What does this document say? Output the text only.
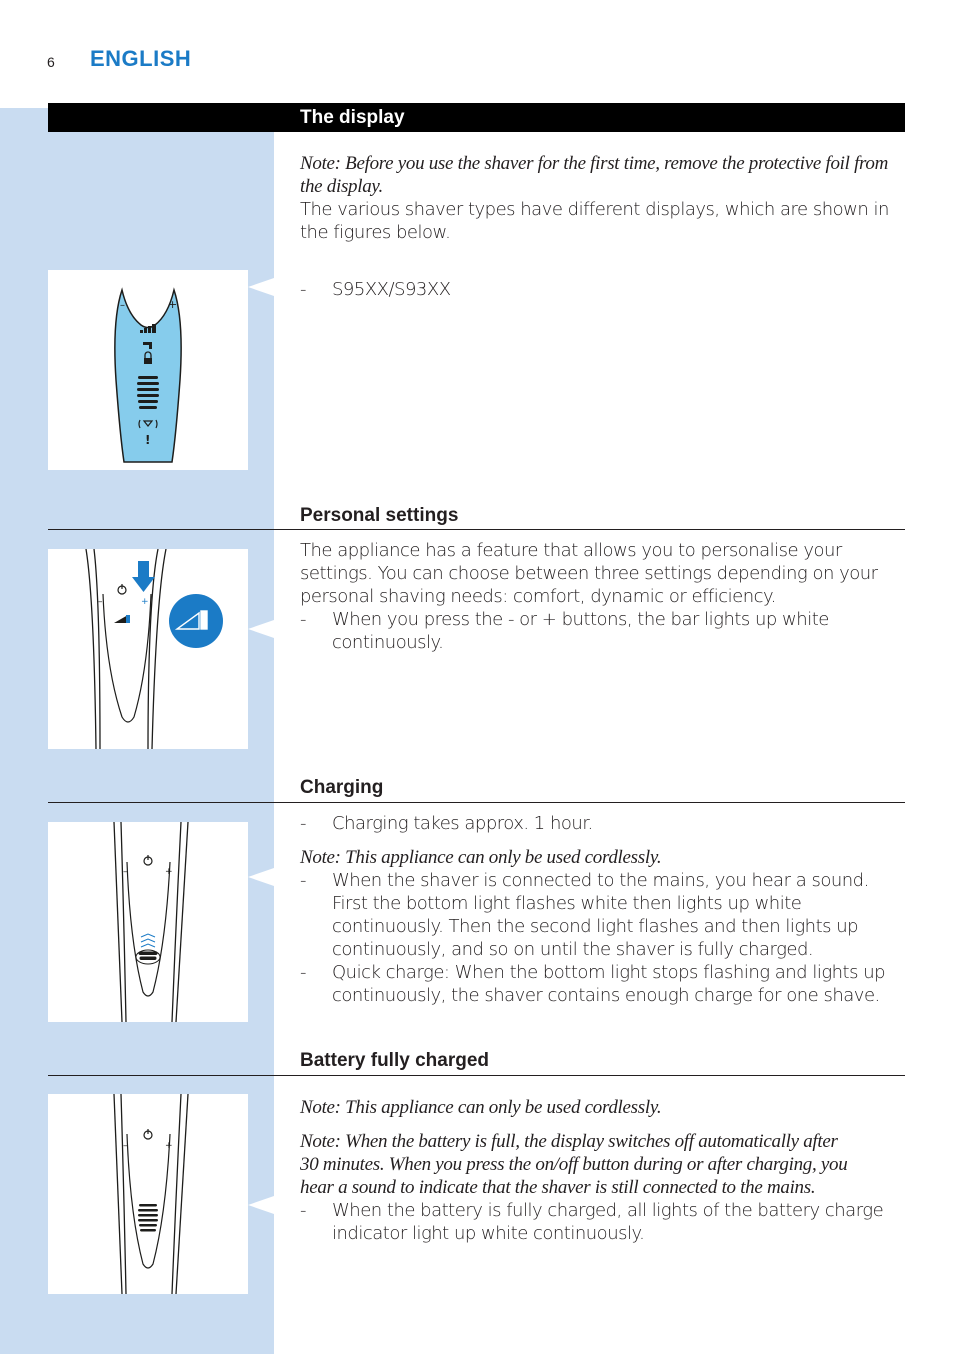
6 ENGLISH
The display

Note: Before you use the shaver for the first time, remove the protective foil from the display.

The various shaver types have different displays, which are shown in the figures below.

- S95XX/S93XX

–	+
!
Personal settings

The appliance has a feature that allows you to personalise your settings. You can choose between three settings depending on your personal shaving needs: comfort, dynamic or efficiency.

- When you press the - or + buttons, the bar lights up white continuously.

–	+
Charging

- Charging takes approx. 1 hour.

Note: This appliance can only be used cordlessly.

- When the shaver is connected to the mains, you hear a sound. First the bottom light flashes white then lights up white continuously. Then the second light flashes and then lights up continuously, and so on until the shaver is fully charged.

- Quick charge: When the bottom light stops flashing and lights up continuously, the shaver contains enough charge for one shave.

–	+
Battery fully charged

Note: This appliance can only be used cordlessly.

Note: When the battery is full, the display switches off automatically after 30 minutes. When you press the on/off button during or after charging, you hear a sound to indicate that the shaver is still connected to the mains.

- When the battery is fully charged, all lights of the battery charge indicator light up white continuously.

–	+
